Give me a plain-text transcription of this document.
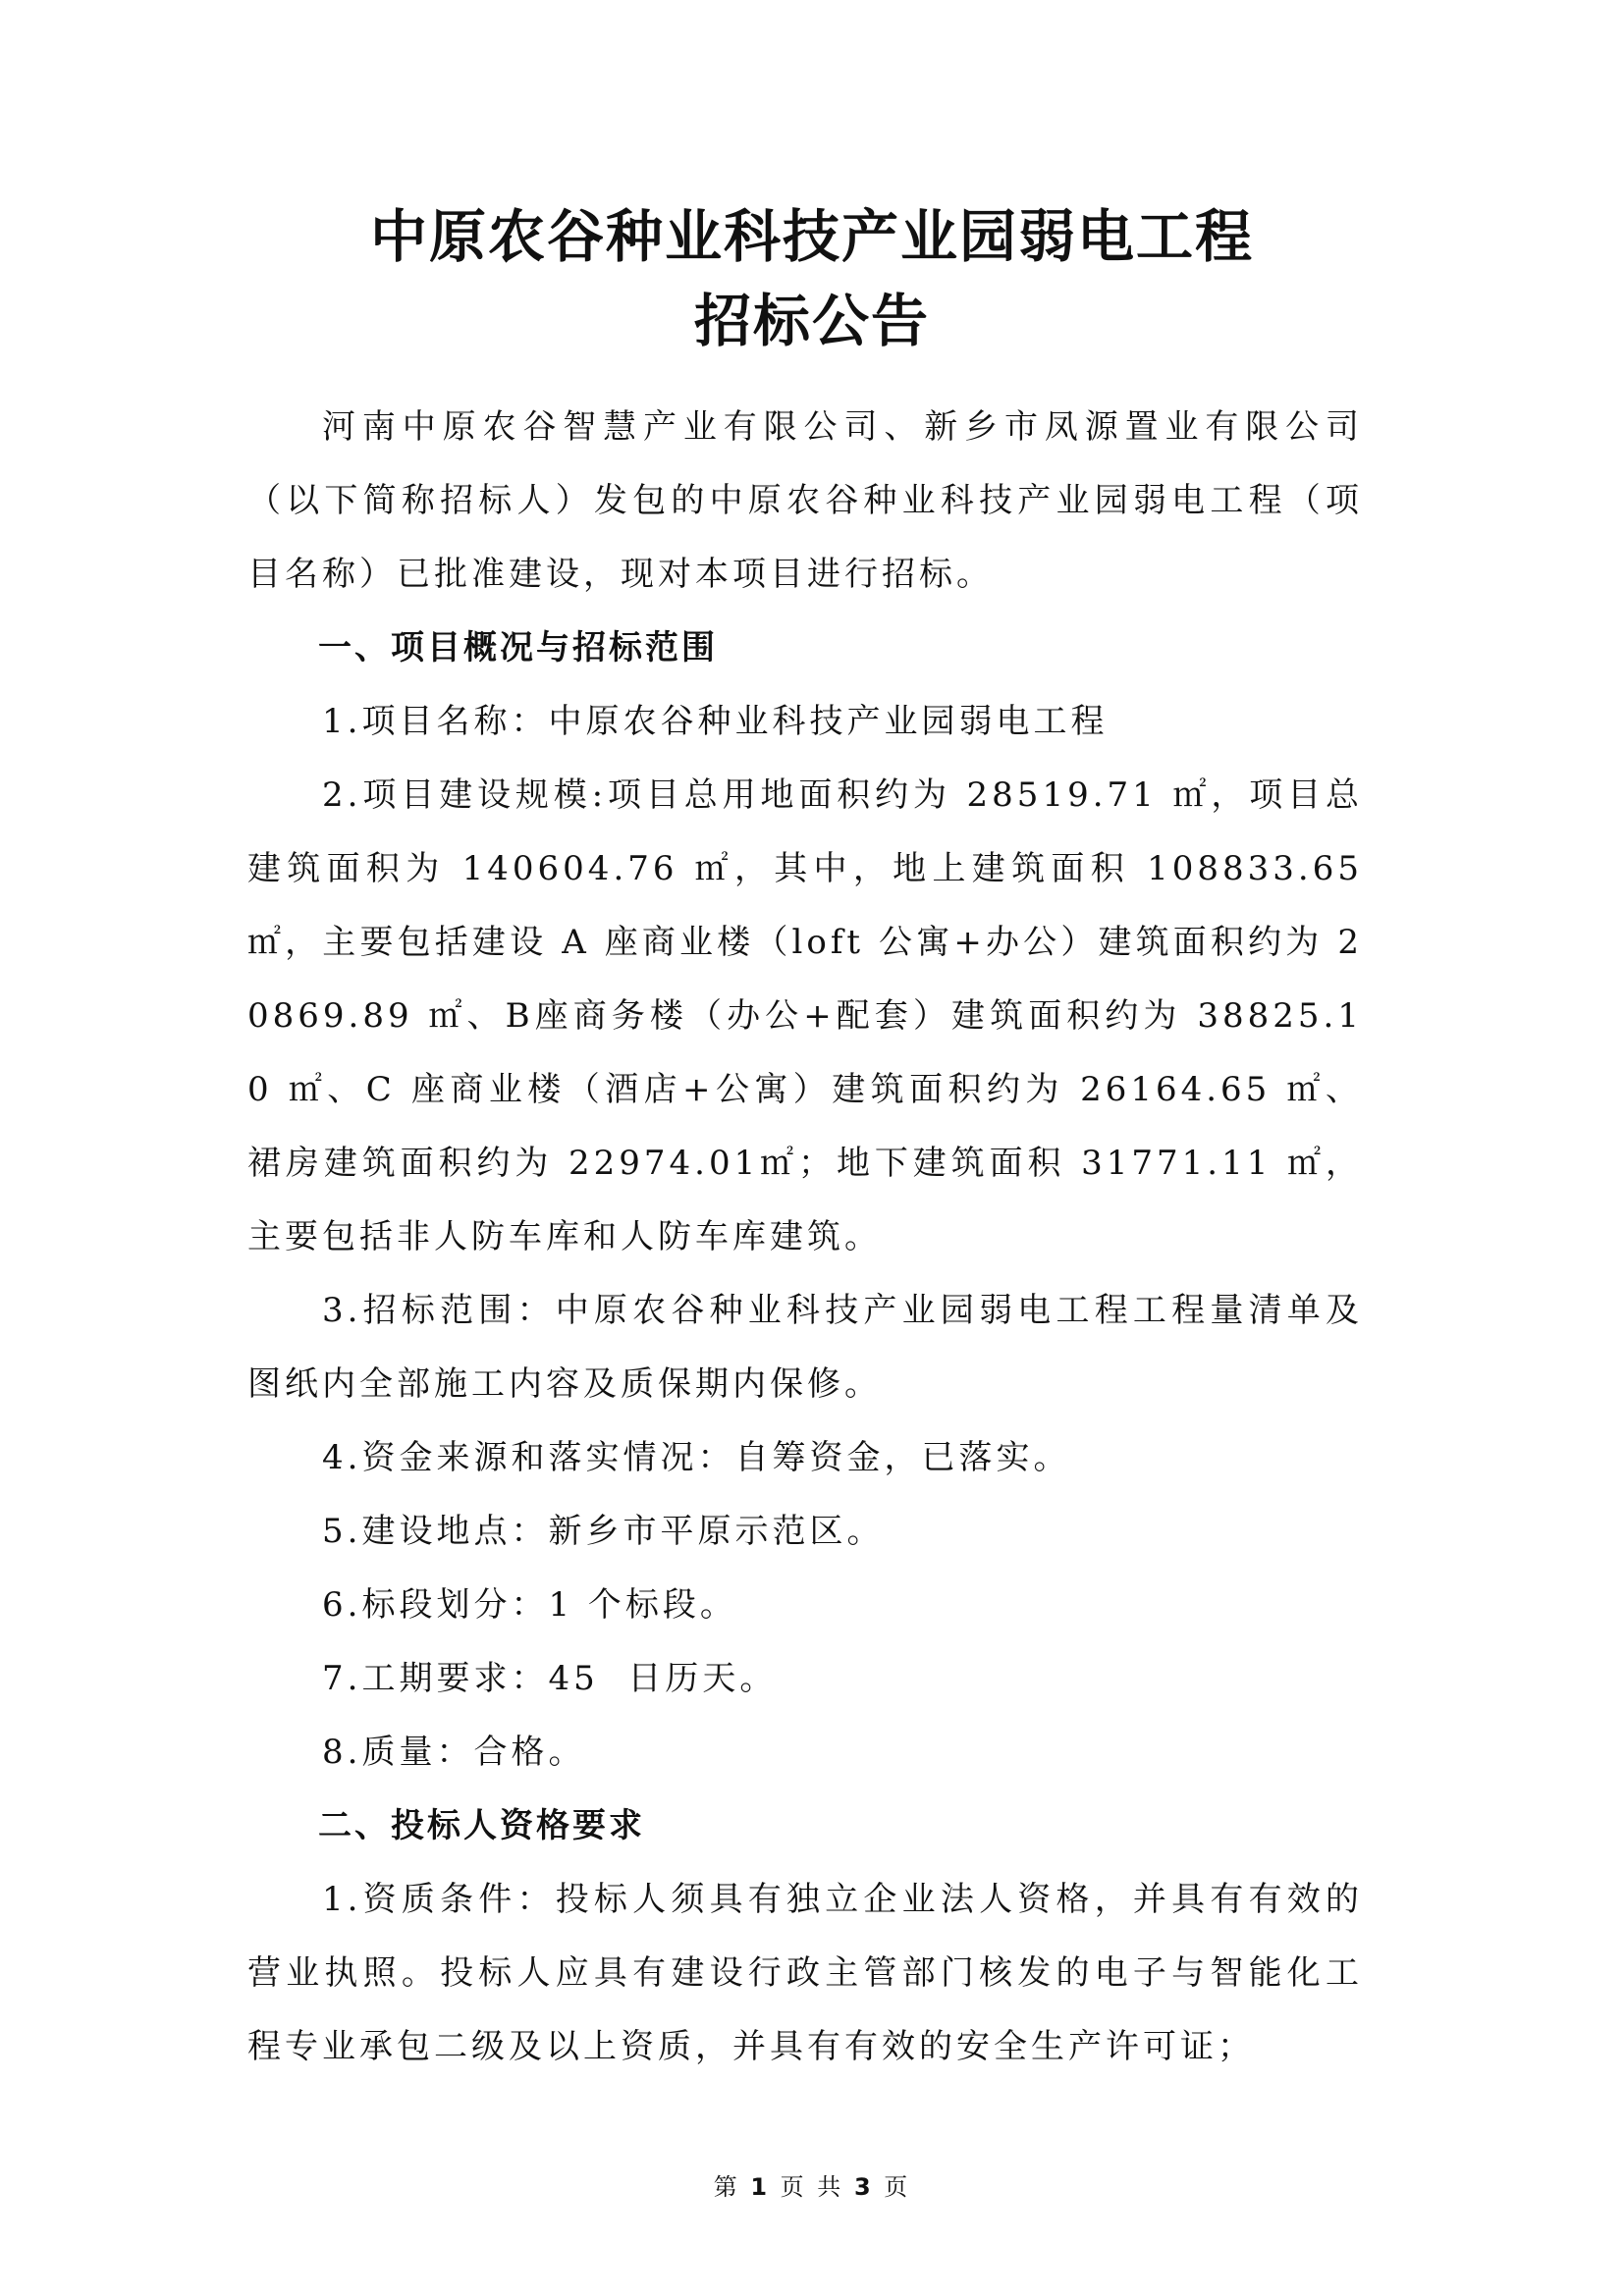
中原农谷种业科技产业园弱电工程
招标公告

河南中原农谷智慧产业有限公司、新乡市凤源置业有限公司（以下简称招标人）发包的中原农谷种业科技产业园弱电工程（项目名称）已批准建设，现对本项目进行招标。

一、项目概况与招标范围

1.项目名称：中原农谷种业科技产业园弱电工程

2.项目建设规模:项目总用地面积约为 28519.71 ㎡，项目总建筑面积为 140604.76 ㎡，其中，地上建筑面积 108833.65 ㎡，主要包括建设 A 座商业楼（loft 公寓+办公）建筑面积约为 20869.89 ㎡、B座商务楼（办公+配套）建筑面积约为 38825.10 ㎡、C 座商业楼（酒店+公寓）建筑面积约为 26164.65 ㎡、裙房建筑面积约为 22974.01㎡；地下建筑面积 31771.11 ㎡，主要包括非人防车库和人防车库建筑。

3.招标范围：中原农谷种业科技产业园弱电工程工程量清单及图纸内全部施工内容及质保期内保修。

4.资金来源和落实情况：自筹资金，已落实。

5.建设地点：新乡市平原示范区。

6.标段划分：1 个标段。

7.工期要求：45  日历天。

8.质量：合格。

二、投标人资格要求

1.资质条件：投标人须具有独立企业法人资格，并具有有效的营业执照。投标人应具有建设行政主管部门核发的电子与智能化工程专业承包二级及以上资质，并具有有效的安全生产许可证；

第 1 页 共 3 页
